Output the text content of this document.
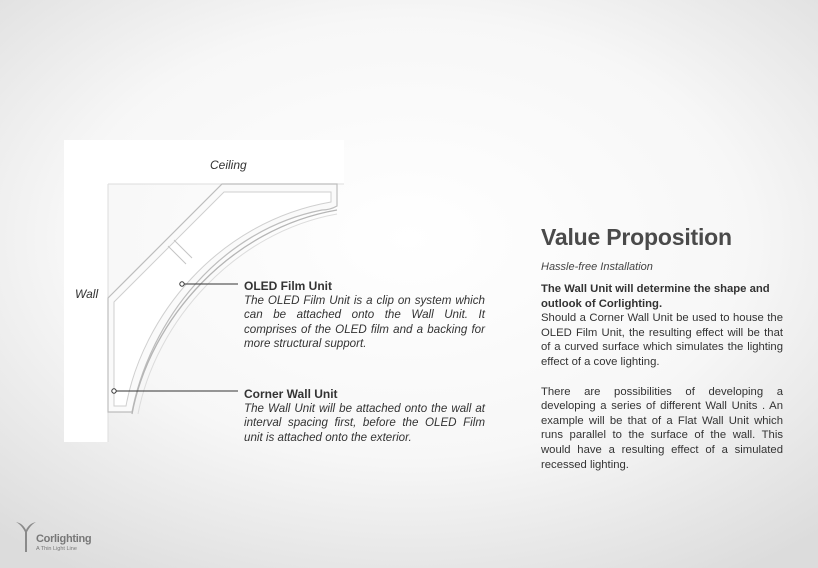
Ceiling
Wall
OLED Film Unit
The OLED Film Unit is a clip on system which can be attached onto the Wall Unit. It comprises of the OLED film and a backing for more structural support.
Corner Wall Unit
The Wall Unit will be attached onto the wall at interval spacing first, before the OLED Film unit is attached onto the exterior.
Value Proposition
Hassle-free Installation
The Wall Unit will determine the shape and outlook of Corlighting.
Should a Corner Wall Unit be used to house the OLED Film Unit, the resulting effect will be that of a curved surface which simulates the lighting effect of a cove lighting.
There are possibilities of developing a developing a series of different Wall Units . An example will be that of a Flat Wall Unit which runs parallel to the surface of the wall. This would have a resulting effect of a simulated recessed lighting.
Corlighting
A Thin Light Line
